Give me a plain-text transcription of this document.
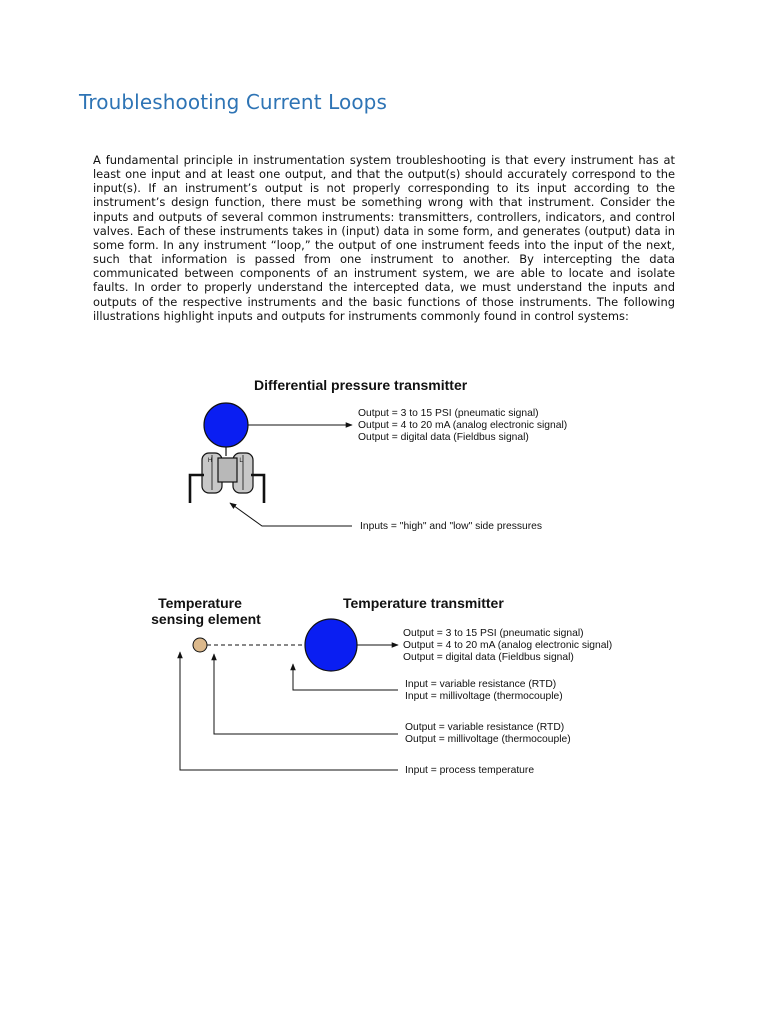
Troubleshooting Current Loops

A fundamental principle in instrumentation system troubleshooting is that every instrument has at least one input and at least one output, and that the output(s) should accurately correspond to the input(s). If an instrument’s output is not properly corresponding to its input according to the instrument’s design function, there must be something wrong with that instrument. Consider the inputs and outputs of several common instruments: transmitters, controllers, indicators, and control valves. Each of these instruments takes in (input) data in some form, and generates (output) data in some form. In any instrument “loop,” the output of one instrument feeds into the input of the next, such that information is passed from one instrument to another. By intercepting the data communicated between components of an instrument system, we are able to locate and isolate faults. In order to properly understand the intercepted data, we must understand the inputs and outputs of the respective instruments and the basic functions of those instruments. The following illustrations highlight inputs and outputs for instruments commonly found in control systems:

Differential pressure transmitter
H	L
Output = 3 to 15 PSI (pneumatic signal)
Output = 4 to 20 mA (analog electronic signal)
Output = digital data (Fieldbus signal)
Inputs = "high" and "low" side pressures
Temperature
sensing element
Temperature transmitter
Output = 3 to 15 PSI (pneumatic signal)
Output = 4 to 20 mA (analog electronic signal)
Output = digital data (Fieldbus signal)
Input = variable resistance (RTD)
Input = millivoltage (thermocouple)
Output = variable resistance (RTD)
Output = millivoltage (thermocouple)
Input = process temperature
